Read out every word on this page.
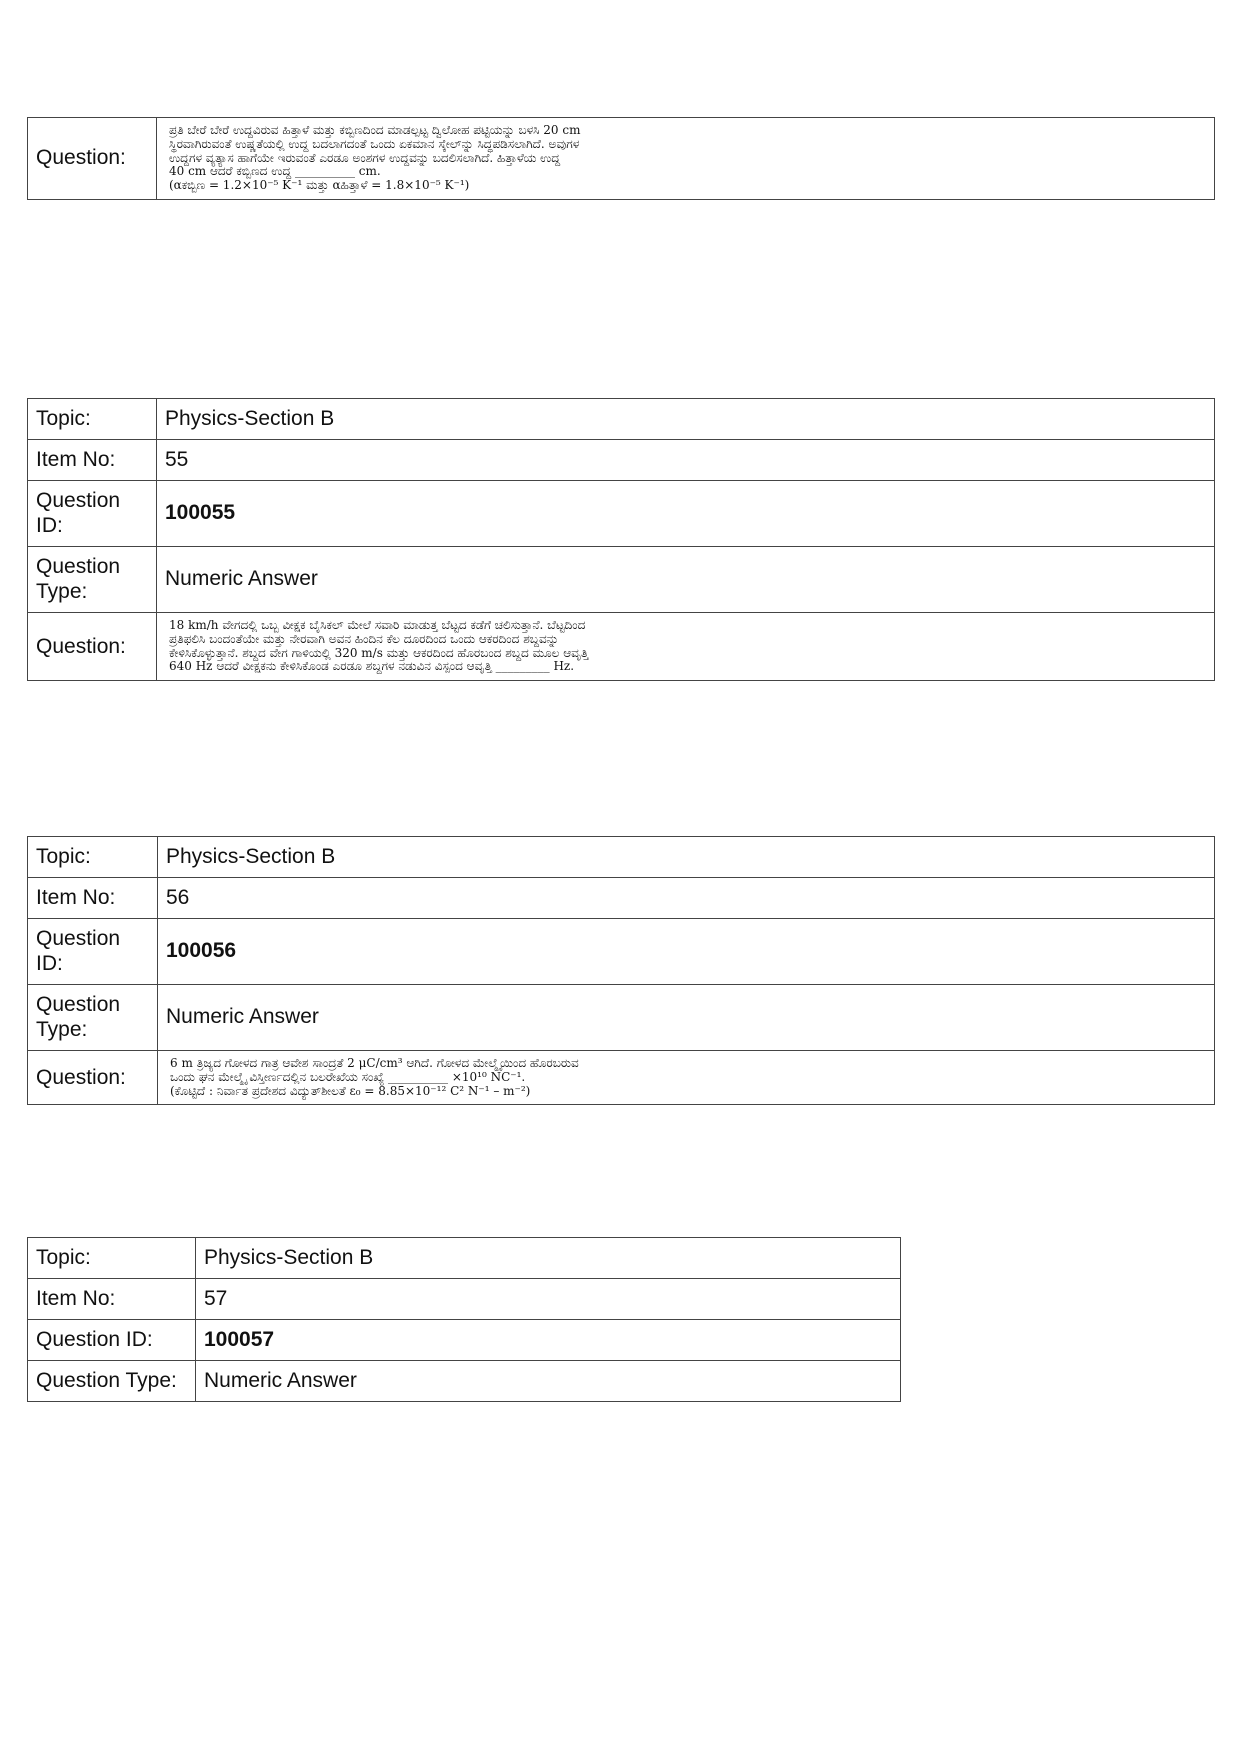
Question:	
ಪ್ರತಿ ಬೇರೆ ಬೇರೆ ಉದ್ದವಿರುವ ಹಿತ್ತಾಳೆ ಮತ್ತು ಕಬ್ಬಿಣದಿಂದ ಮಾಡಲ್ಪಟ್ಟ ದ್ವಿಲೋಹ ಪಟ್ಟಿಯನ್ನು ಬಳಸಿ 20 cm
ಸ್ಥಿರವಾಗಿರುವಂತೆ ಉಷ್ಣತೆಯಲ್ಲಿ ಉದ್ದ ಬದಲಾಗದಂತೆ ಒಂದು ಏಕಮಾನ ಸ್ಕೇಲ್‌ನ್ನು ಸಿದ್ಧಪಡಿಸಲಾಗಿದೆ. ಅವುಗಳ
ಉದ್ದಗಳ ವ್ಯತ್ಯಾಸ ಹಾಗೆಯೇ ಇರುವಂತೆ ಎರಡೂ ಅಂಶಗಳ ಉದ್ದವನ್ನು ಬದಲಿಸಲಾಗಿದೆ. ಹಿತ್ತಾಳೆಯ ಉದ್ದ
40 cm ಆದರೆ ಕಬ್ಬಿಣದ ಉದ್ದ __________ cm.
(αಕಬ್ಬಿಣ = 1.2×10⁻⁵ K⁻¹ ಮತ್ತು αಹಿತ್ತಾಳೆ = 1.8×10⁻⁵ K⁻¹)
Topic:	Physics-Section B
Item No:	55
Question ID:	100055
Question Type:	Numeric Answer
Question:	18 km/h ವೇಗದಲ್ಲಿ ಒಬ್ಬ ವೀಕ್ಷಕ ಬೈಸಿಕಲ್ ಮೇಲೆ ಸವಾರಿ ಮಾಡುತ್ತ ಬೆಟ್ಟದ ಕಡೆಗೆ ಚಲಿಸುತ್ತಾನೆ. ಬೆಟ್ಟದಿಂದ
ಪ್ರತಿಫಲಿಸಿ ಬಂದಂತೆಯೇ ಮತ್ತು ನೇರವಾಗಿ ಅವನ ಹಿಂದಿನ ಕೆಲ ದೂರದಿಂದ ಒಂದು ಆಕರದಿಂದ ಶಬ್ದವನ್ನು
ಕೇಳಿಸಿಕೊಳ್ಳುತ್ತಾನೆ. ಶಬ್ದದ ವೇಗ ಗಾಳಿಯಲ್ಲಿ 320 m/s ಮತ್ತು ಆಕರದಿಂದ ಹೊರಬಂದ ಶಬ್ದದ ಮೂಲ ಆವೃತ್ತಿ
640 Hz ಆದರೆ ವೀಕ್ಷಕನು ಕೇಳಿಸಿಕೊಂಡ ಎರಡೂ ಶಬ್ದಗಳ ನಡುವಿನ ವಿಸ್ಪಂದ ಆವೃತ್ತಿ _________ Hz.
Topic:	Physics-Section B
Item No:	56
Question ID:	100056
Question Type:	Numeric Answer
Question:	6 m ತ್ರಿಜ್ಯದ ಗೋಳದ ಗಾತ್ರ ಆವೇಶ ಸಾಂದ್ರತೆ 2 μC/cm³ ಆಗಿದೆ. ಗೋಳದ ಮೇಲ್ಮೈಯಿಂದ ಹೊರಬರುವ
ಒಂದು ಘನ ಮೇಲ್ಮೈ ವಿಸ್ತೀರ್ಣದಲ್ಲಿನ ಬಲರೇಖೆಯ ಸಂಖ್ಯೆ __________ ×10¹⁰ NC⁻¹.
(ಕೊಟ್ಟಿದೆ : ನಿರ್ವಾತ ಪ್ರದೇಶದ ವಿದ್ಯುತ್‌ಶೀಲತೆ ε₀ = 8.85×10⁻¹² C² N⁻¹ – m⁻²)
Topic:	Physics-Section B
Item No:	57
Question ID:	100057
Question Type:	Numeric Answer
